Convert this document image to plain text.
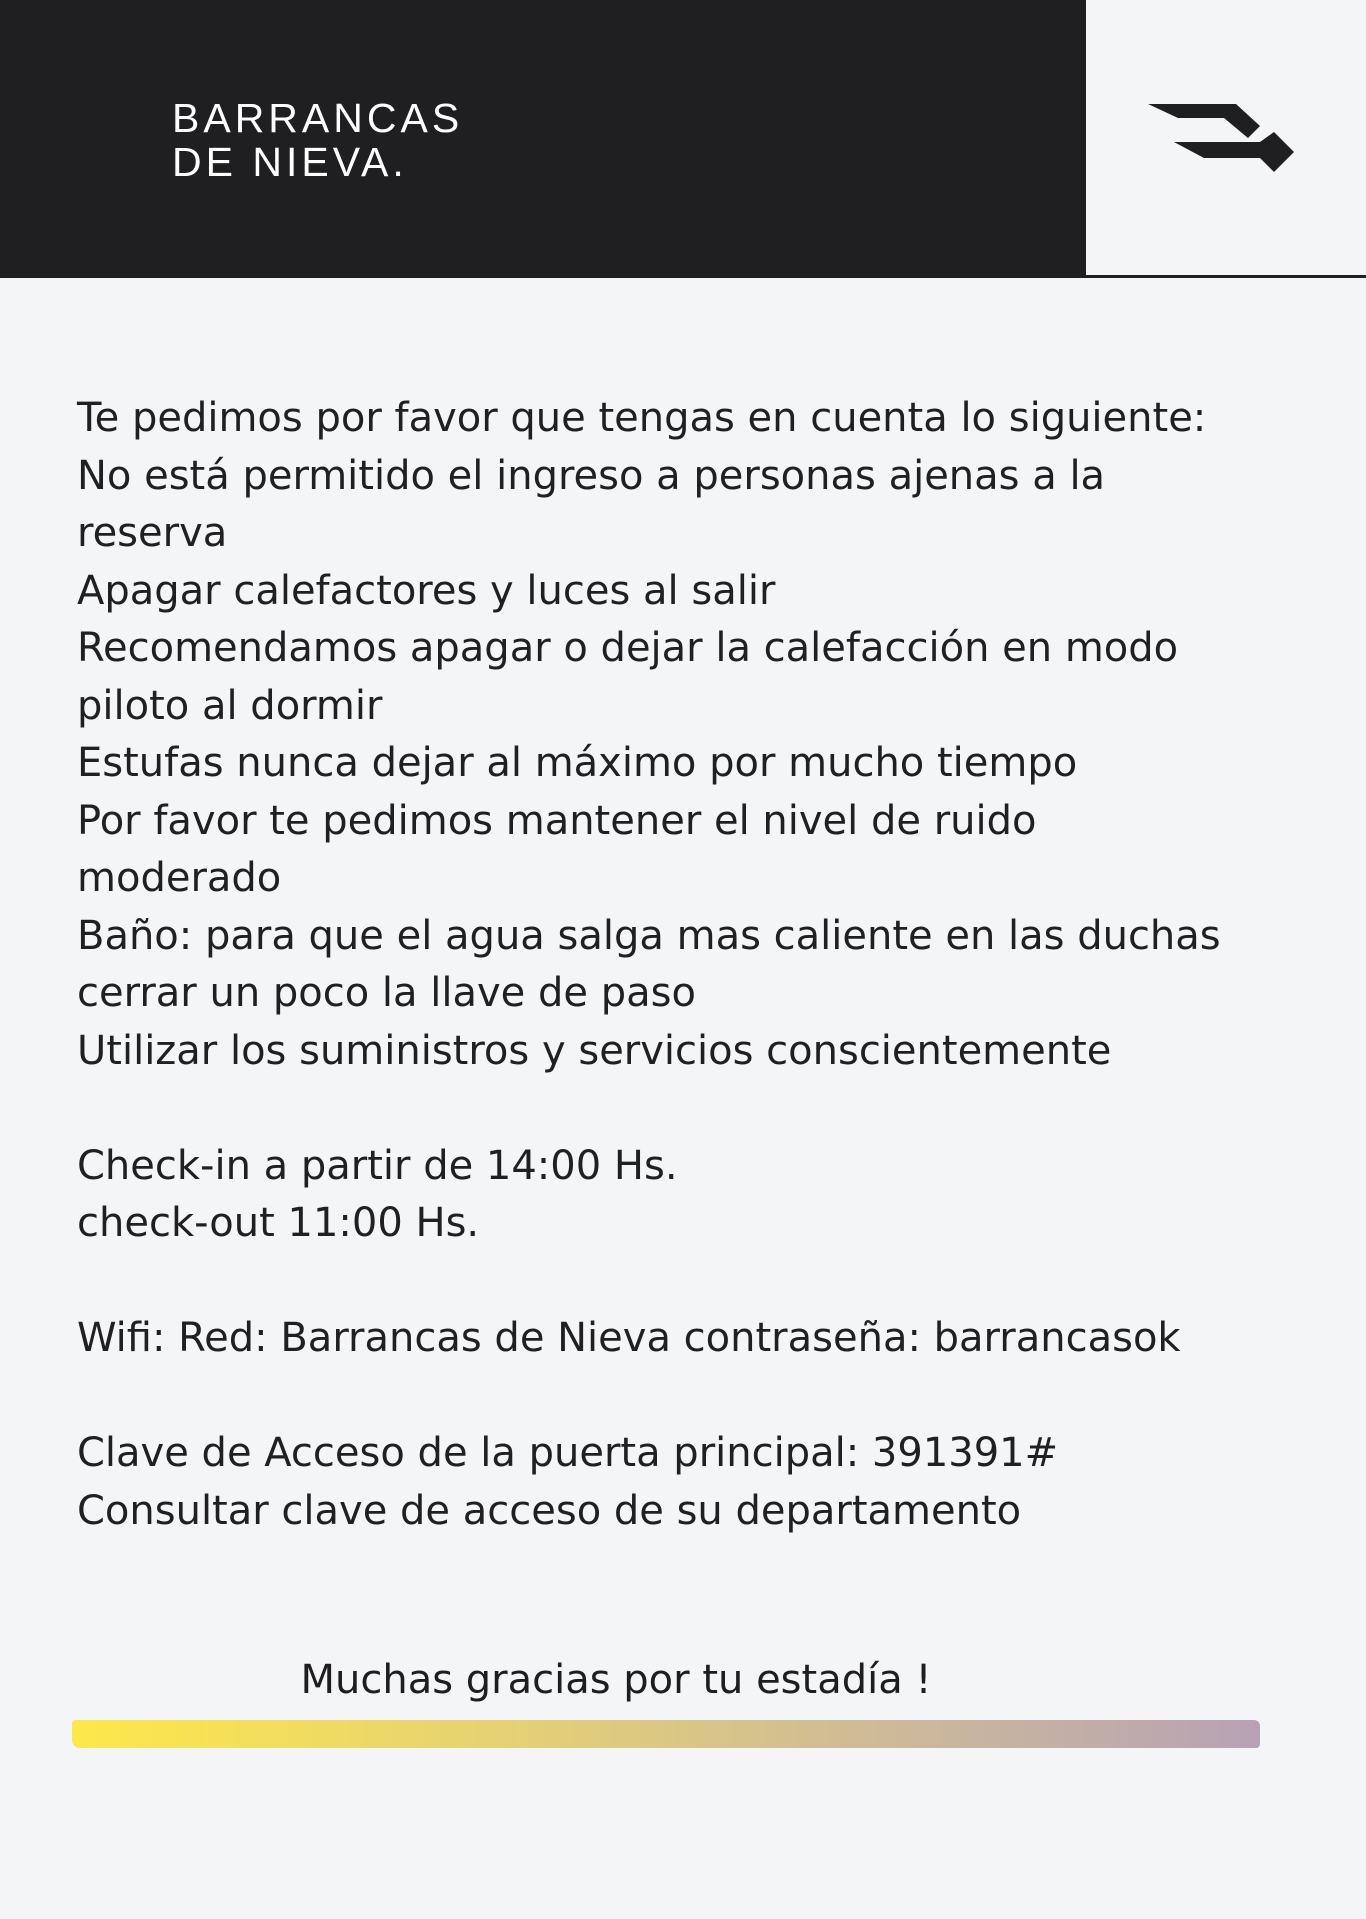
BARRANCAS
DE NIEVA.
Te pedimos por favor que tengas en cuenta lo siguiente:
No está permitido el ingreso a personas ajenas a la
reserva
Apagar calefactores y luces al salir
Recomendamos apagar o dejar la calefacción en modo
piloto al dormir
Estufas nunca dejar al máximo por mucho tiempo
Por favor te pedimos mantener el nivel de ruido
moderado
Baño: para que el agua salga mas caliente en las duchas
cerrar un poco la llave de paso
Utilizar los suministros y servicios conscientemente
Check-in a partir de 14:00 Hs.
check-out 11:00 Hs.
Wifi: Red: Barrancas de Nieva contraseña: barrancasok
Clave de Acceso de la puerta principal: 391391#
Consultar clave de acceso de su departamento
Muchas gracias por tu estadía !
